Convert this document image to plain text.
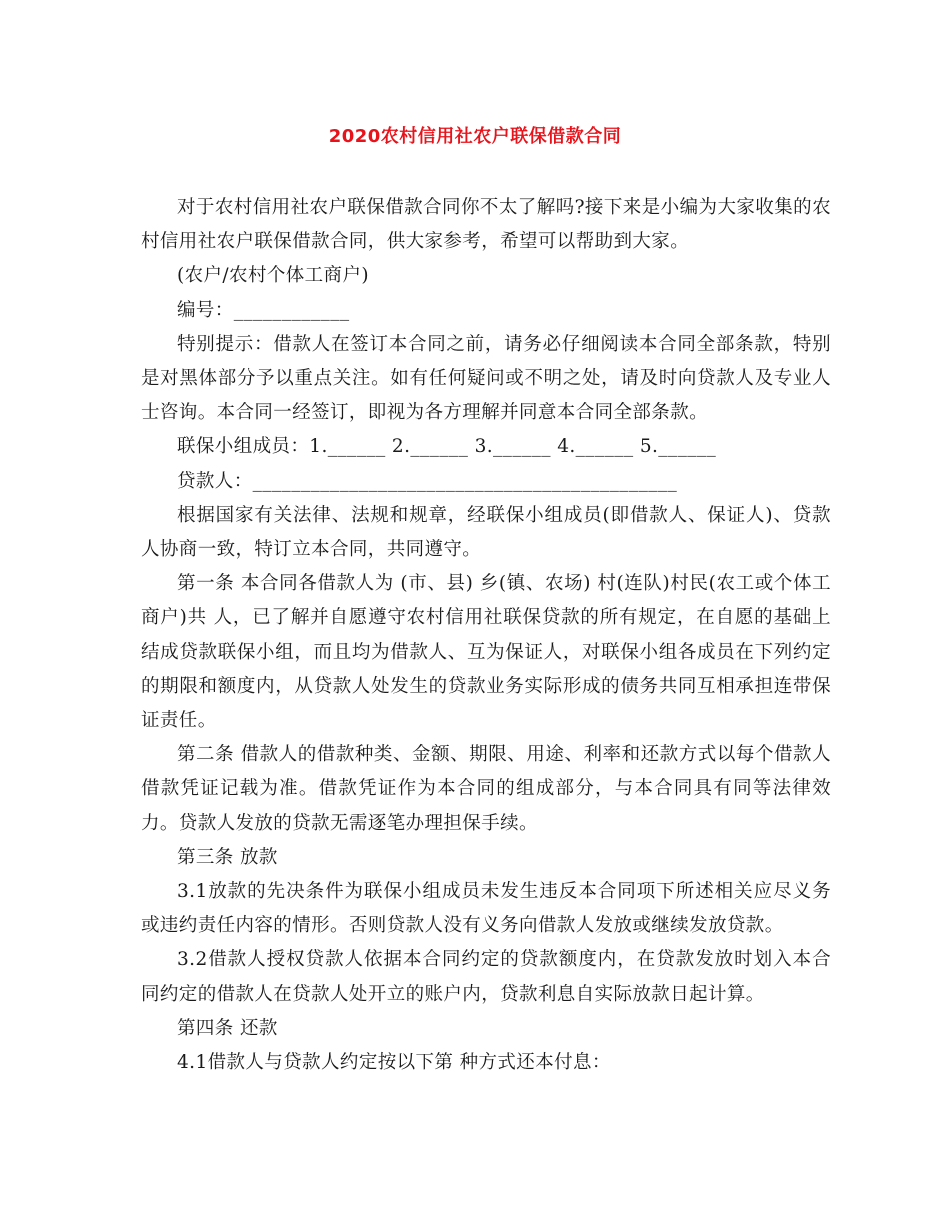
2020农村信用社农户联保借款合同

对于农村信用社农户联保借款合同你不太了解吗?接下来是小编为大家收集的农村信用社农户联保借款合同，供大家参考，希望可以帮助到大家。

(农户/农村个体工商户)

编号：____________

特别提示：借款人在签订本合同之前，请务必仔细阅读本合同全部条款，特别是对黑体部分予以重点关注。如有任何疑问或不明之处，请及时向贷款人及专业人士咨询。本合同一经签订，即视为各方理解并同意本合同全部条款。

联保小组成员：1.______ 2.______ 3.______ 4.______ 5.______

贷款人：____________________________________________

根据国家有关法律、法规和规章，经联保小组成员(即借款人、保证人)、贷款人协商一致，特订立本合同，共同遵守。

第一条 本合同各借款人为 (市、县) 乡(镇、农场) 村(连队)村民(农工或个体工商户)共 人，已了解并自愿遵守农村信用社联保贷款的所有规定，在自愿的基础上结成贷款联保小组，而且均为借款人、互为保证人，对联保小组各成员在下列约定的期限和额度内，从贷款人处发生的贷款业务实际形成的债务共同互相承担连带保证责任。

第二条 借款人的借款种类、金额、期限、用途、利率和还款方式以每个借款人借款凭证记载为准。借款凭证作为本合同的组成部分，与本合同具有同等法律效力。贷款人发放的贷款无需逐笔办理担保手续。

第三条 放款

3.1放款的先决条件为联保小组成员未发生违反本合同项下所述相关应尽义务或违约责任内容的情形。否则贷款人没有义务向借款人发放或继续发放贷款。

3.2借款人授权贷款人依据本合同约定的贷款额度内，在贷款发放时划入本合同约定的借款人在贷款人处开立的账户内，贷款利息自实际放款日起计算。

第四条 还款

4.1借款人与贷款人约定按以下第 种方式还本付息：
